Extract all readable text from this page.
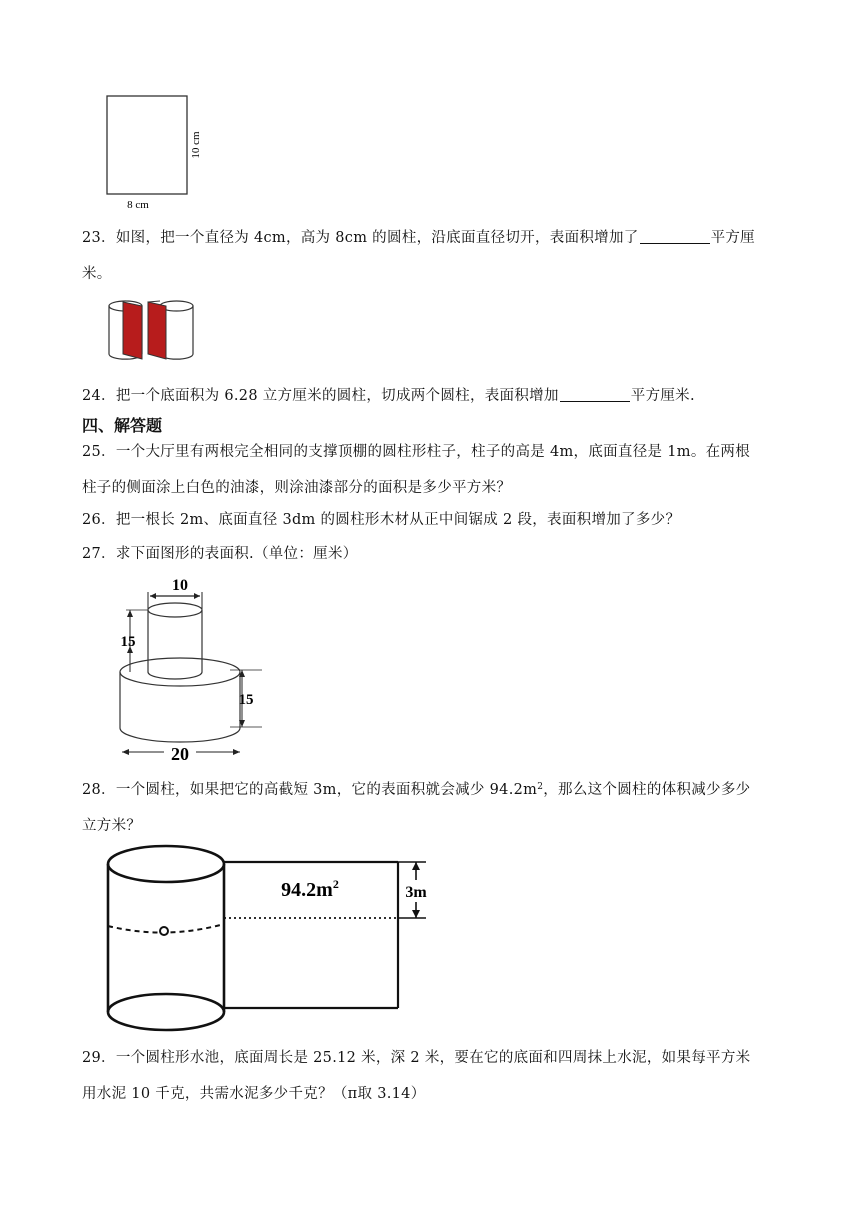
8 cm
10 cm
23．如图，把一个直径为 4cm，高为 8cm 的圆柱，沿底面直径切开，表面积增加了	平方厘
米。
24．把一个底面积为 6.28 立方厘米的圆柱，切成两个圆柱，表面积增加	平方厘米.
四、解答题
25．一个大厅里有两根完全相同的支撑顶棚的圆柱形柱子，柱子的高是 4m，底面直径是 1m。在两根
柱子的侧面涂上白色的油漆，则涂油漆部分的面积是多少平方米？
26．把一根长 2m、底面直径 3dm 的圆柱形木材从正中间锯成 2 段，表面积增加了多少？
27．求下面图形的表面积.（单位：厘米）
10
15
15
20
28．一个圆柱，如果把它的高截短 3m，它的表面积就会减少 $94.2m^2$，那么这个圆柱的体积减少多少
立方米？
$94.2m^2$	3m
29．一个圆柱形水池，底面周长是 25.12 米，深 2 米，要在它的底面和四周抹上水泥，如果每平方米
用水泥 10 千克，共需水泥多少千克？（π取 3.14）
